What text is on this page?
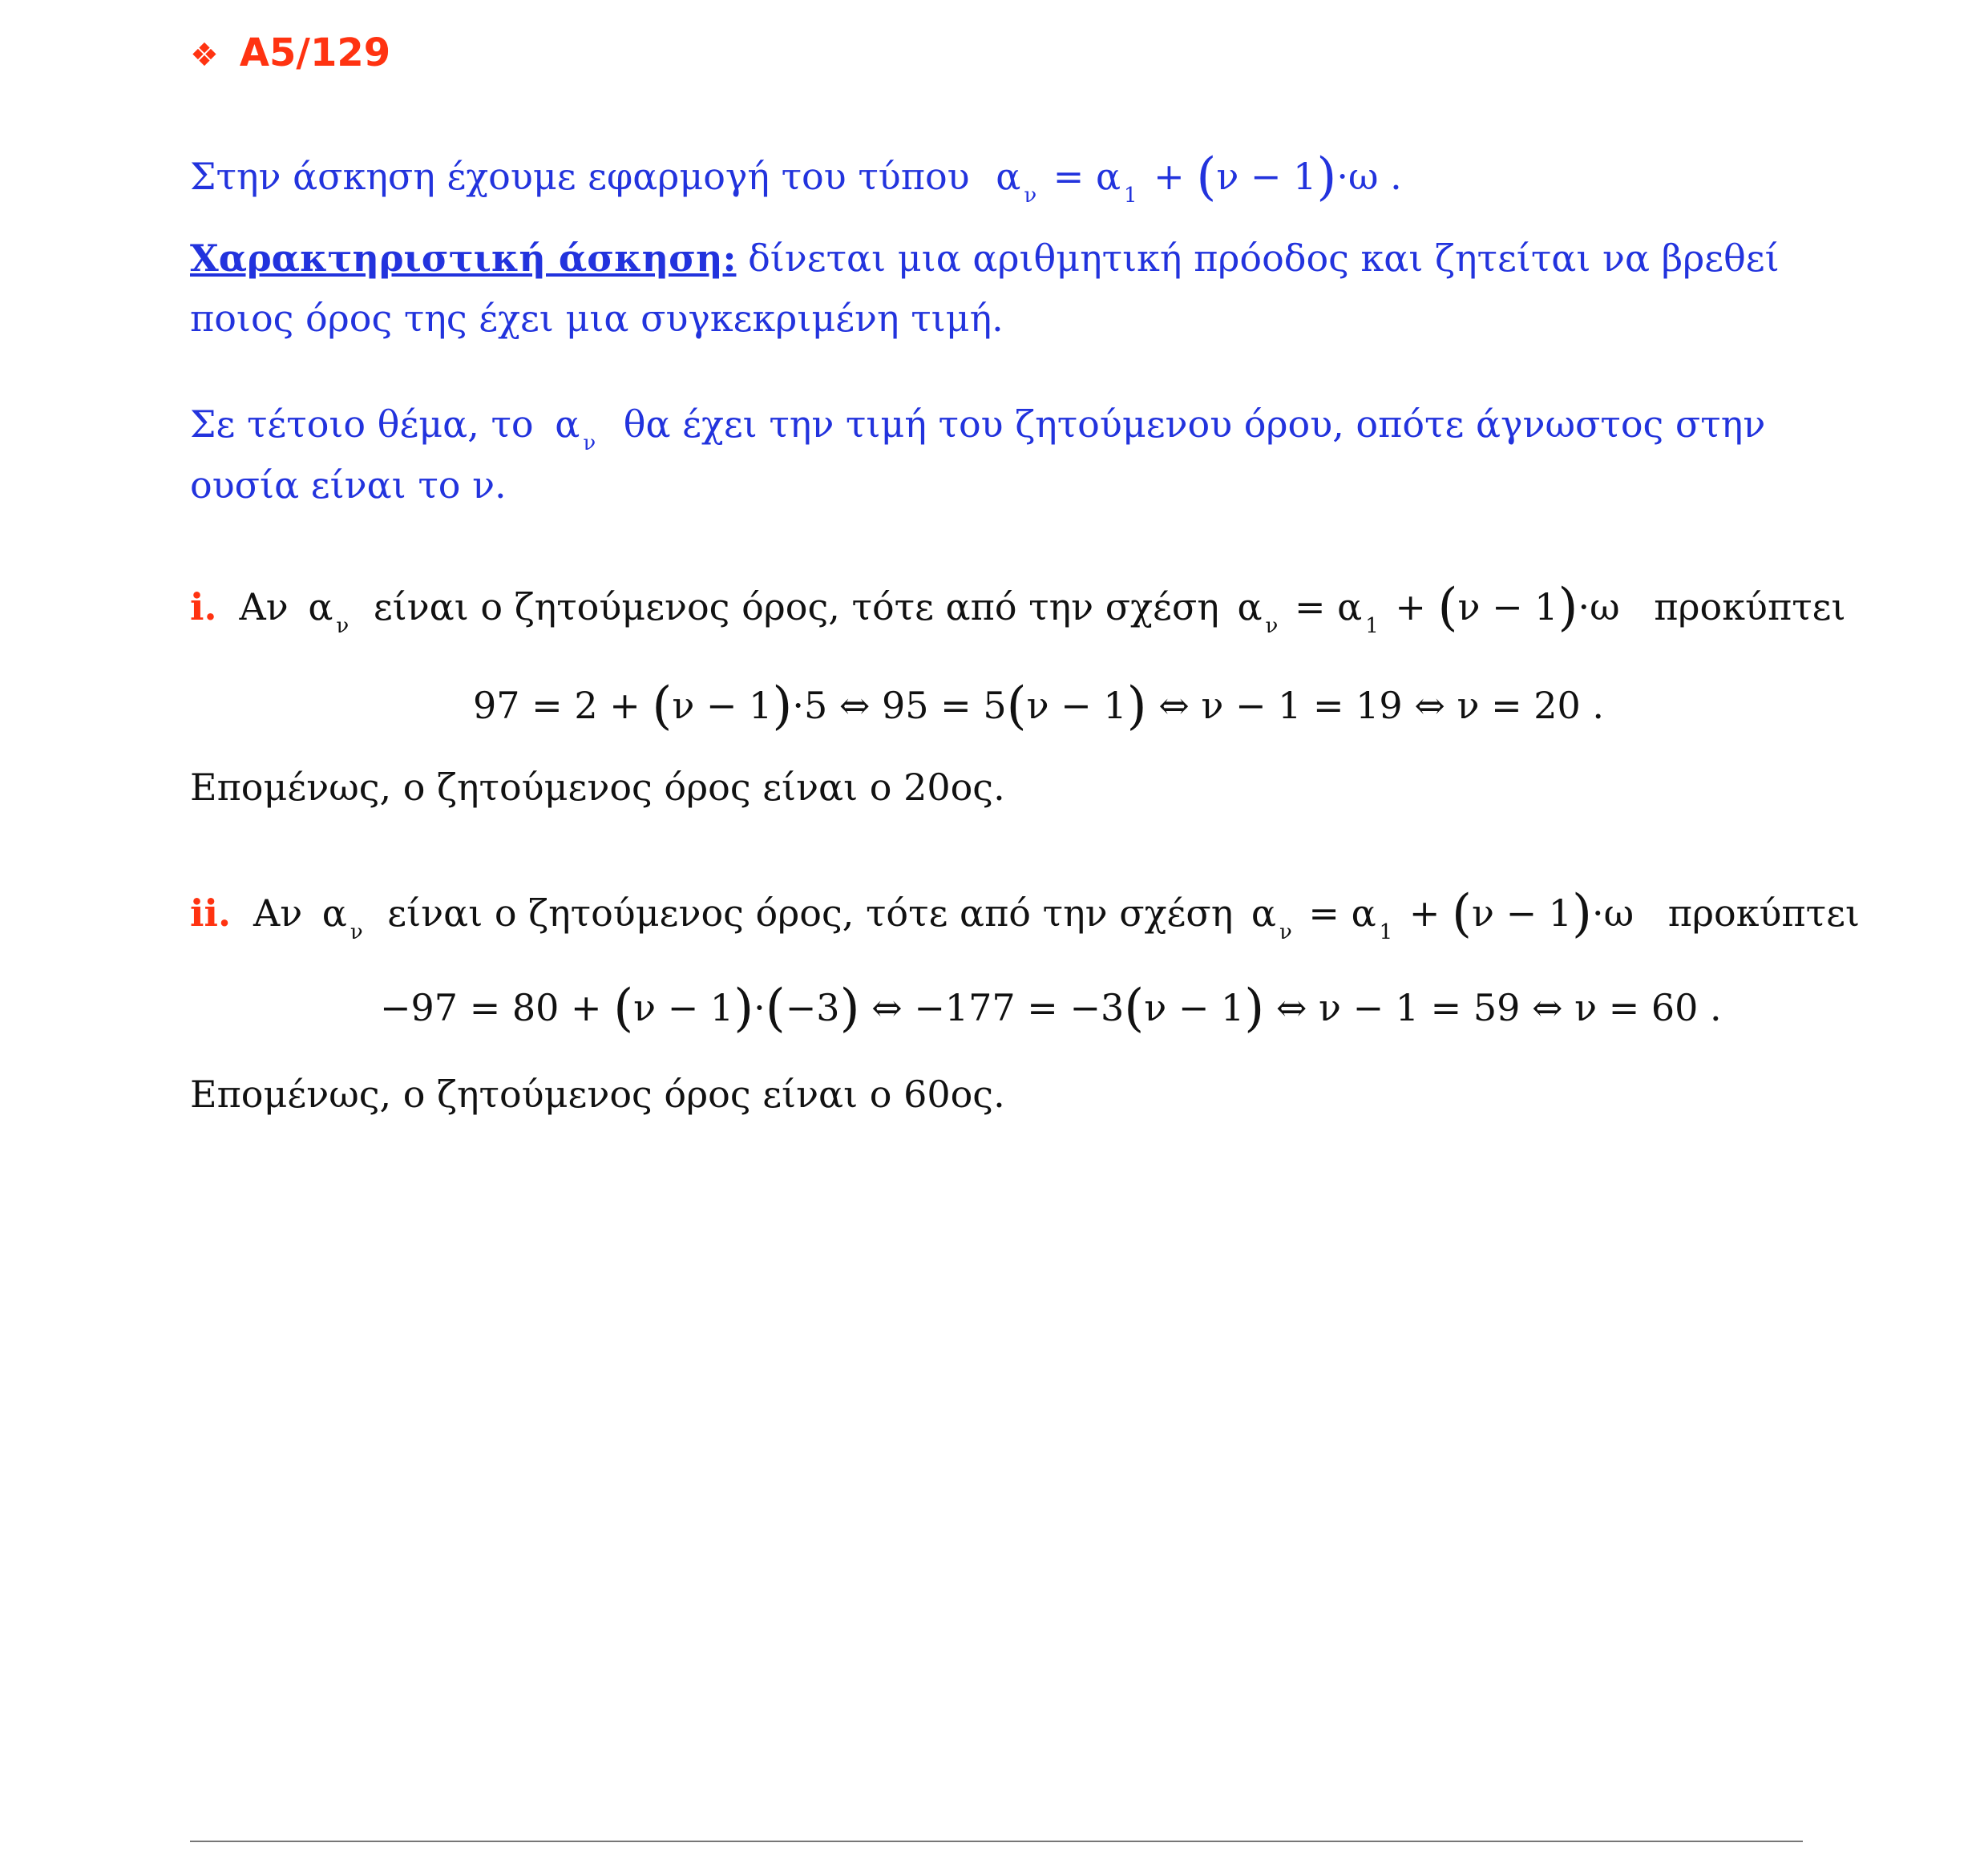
❖ A5/129
Στην άσκηση έχουμε εφαρμογή του τύπου α $_\nu$ = α $_1$ + (ν − 1)·ω .
Χαρακτηριστική άσκηση: δίνεται μια αριθμητική πρόοδος και ζητείται να βρεθεί
ποιος όρος της έχει μια συγκεκριμένη τιμή.
Σε τέτοιο θέμα, το α $_\nu$ θα έχει την τιμή του ζητούμενου όρου, οπότε άγνωστος στην
ουσία είναι το ν.
i. Αν α $_\nu$ είναι ο ζητούμενος όρος, τότε από την σχέση α $_\nu$ = α $_1$ + (ν − 1)·ω προκύπτει
97 = 2 + (ν − 1)·5 ⇔ 95 = 5(ν − 1) ⇔ ν − 1 = 19 ⇔ ν = 20 .
Επομένως, ο ζητούμενος όρος είναι ο 20ος.
ii. Αν α $_\nu$ είναι ο ζητούμενος όρος, τότε από την σχέση α $_\nu$ = α $_1$ + (ν − 1)·ω προκύπτει
−97 = 80 + (ν − 1)·(−3) ⇔ −177 = −3(ν − 1) ⇔ ν − 1 = 59 ⇔ ν = 60 .
Επομένως, ο ζητούμενος όρος είναι ο 60ος.
